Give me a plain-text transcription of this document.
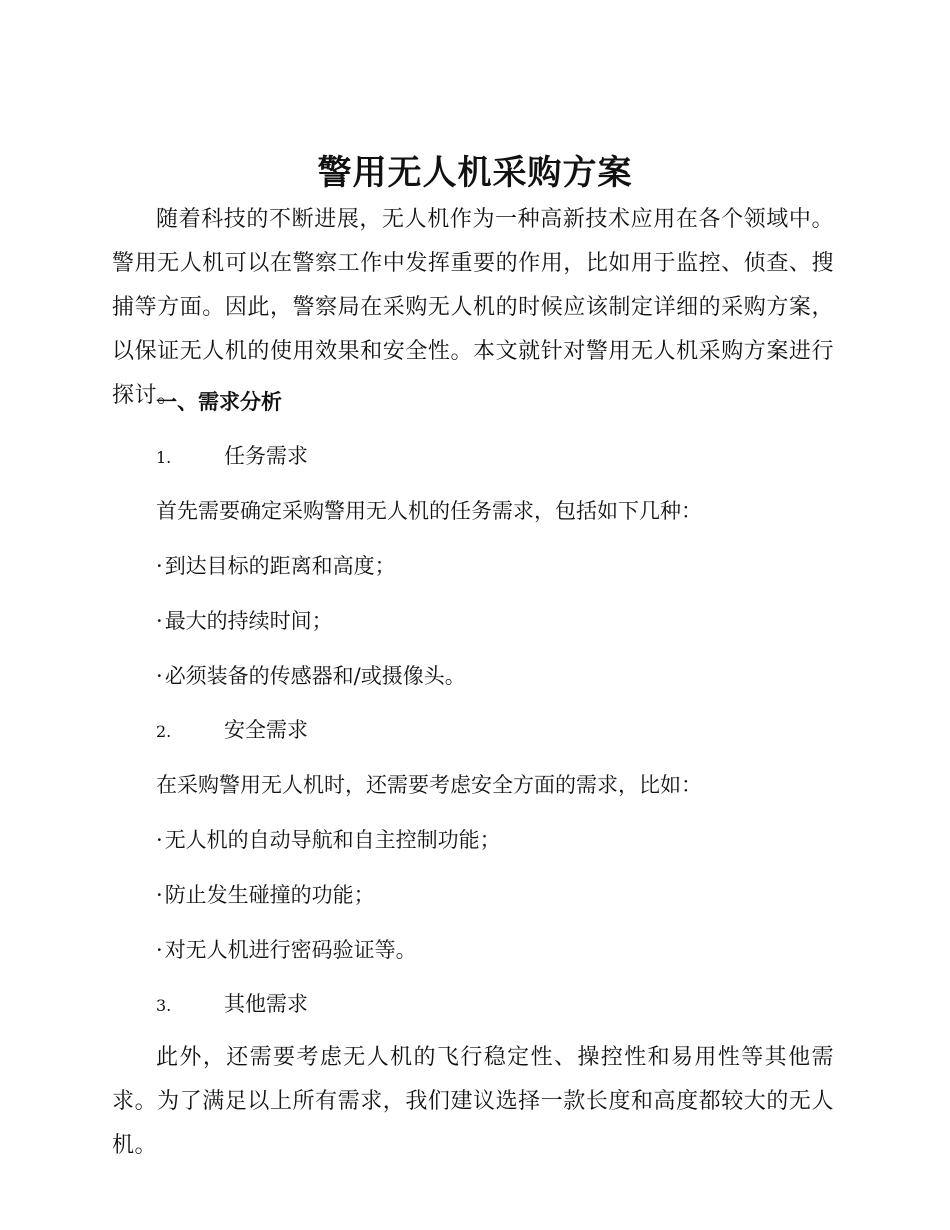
警用无人机采购方案

随着科技的不断进展，无人机作为一种高新技术应用在各个领域中。警用无人机可以在警察工作中发挥重要的作用，比如用于监控、侦查、搜捕等方面。因此，警察局在采购无人机的时候应该制定详细的采购方案，以保证无人机的使用效果和安全性。本文就针对警用无人机采购方案进行探讨。

一、需求分析
1.	任务需求

首先需要确定采购警用无人机的任务需求，包括如下几种：

·到达目标的距离和高度；

·最大的持续时间；

·必须装备的传感器和/或摄像头。

2.	安全需求

在采购警用无人机时，还需要考虑安全方面的需求，比如：

·无人机的自动导航和自主控制功能；

·防止发生碰撞的功能；

·对无人机进行密码验证等。

3.	其他需求

此外，还需要考虑无人机的飞行稳定性、操控性和易用性等其他需求。为了满足以上所有需求，我们建议选择一款长度和高度都较大的无人机。
